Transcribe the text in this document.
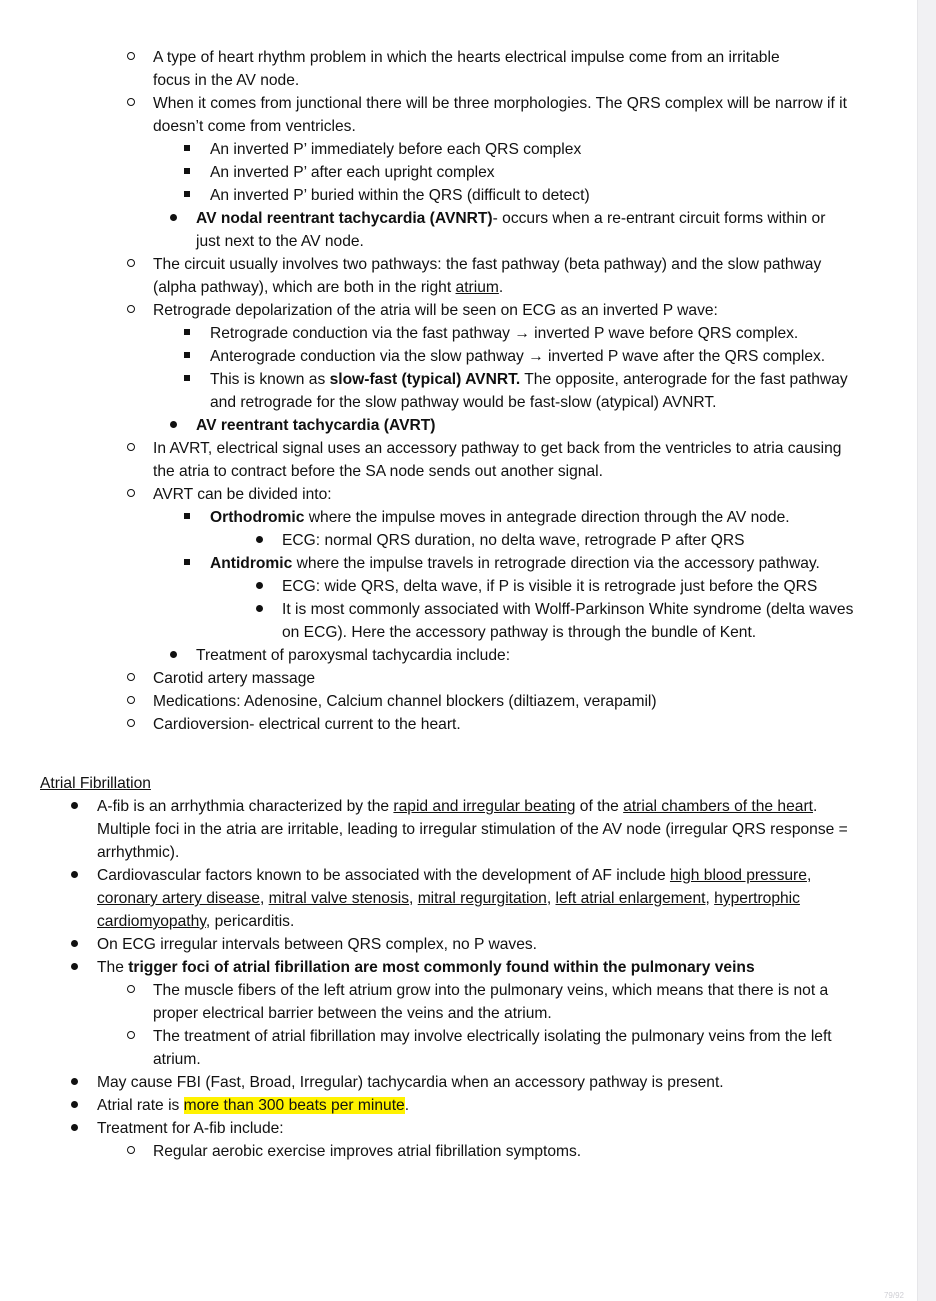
79/92
A type of heart rhythm problem in which the hearts electrical impulse come from an irritable focus in the AV node.
When it comes from junctional there will be three morphologies. The QRS complex will be narrow if it doesn’t come from ventricles.
An inverted P’ immediately before each QRS complex
An inverted P’ after each upright complex
An inverted P’ buried within the QRS (difficult to detect)
AV nodal reentrant tachycardia (AVNRT)- occurs when a re-entrant circuit forms within or just next to the AV node.
The circuit usually involves two pathways: the fast pathway (beta pathway) and the slow pathway (alpha pathway), which are both in the right atrium.
Retrograde depolarization of the atria will be seen on ECG as an inverted P wave:
Retrograde conduction via the fast pathway → inverted P wave before QRS complex.
Anterograde conduction via the slow pathway → inverted P wave after the QRS complex.
This is known as slow-fast (typical) AVNRT. The opposite, anterograde for the fast pathway and retrograde for the slow pathway would be fast-slow (atypical) AVNRT.
AV reentrant tachycardia (AVRT)
In AVRT, electrical signal uses an accessory pathway to get back from the ventricles to atria causing the atria to contract before the SA node sends out another signal.
AVRT can be divided into:
Orthodromic where the impulse moves in antegrade direction through the AV node.
ECG: normal QRS duration, no delta wave, retrograde P after QRS
Antidromic where the impulse travels in retrograde direction via the accessory pathway.
ECG: wide QRS, delta wave, if P is visible it is retrograde just before the QRS
It is most commonly associated with Wolff-Parkinson White syndrome (delta waves on ECG). Here the accessory pathway is through the bundle of Kent.
Treatment of paroxysmal tachycardia include:
Carotid artery massage
Medications: Adenosine, Calcium channel blockers (diltiazem, verapamil)
Cardioversion- electrical current to the heart.
Atrial Fibrillation
A-fib is an arrhythmia characterized by the rapid and irregular beating of the atrial chambers of the heart. Multiple foci in the atria are irritable, leading to irregular stimulation of the AV node (irregular QRS response = arrhythmic).
Cardiovascular factors known to be associated with the development of AF include high blood pressure, coronary artery disease, mitral valve stenosis, mitral regurgitation, left atrial enlargement, hypertrophic cardiomyopathy, pericarditis.
On ECG irregular intervals between QRS complex, no P waves.
The trigger foci of atrial fibrillation are most commonly found within the pulmonary veins
The muscle fibers of the left atrium grow into the pulmonary veins, which means that there is not a proper electrical barrier between the veins and the atrium.
The treatment of atrial fibrillation may involve electrically isolating the pulmonary veins from the left atrium.
May cause FBI (Fast, Broad, Irregular) tachycardia when an accessory pathway is present.
Atrial rate is more than 300 beats per minute.
Treatment for A-fib include:
Regular aerobic exercise improves atrial fibrillation symptoms.
